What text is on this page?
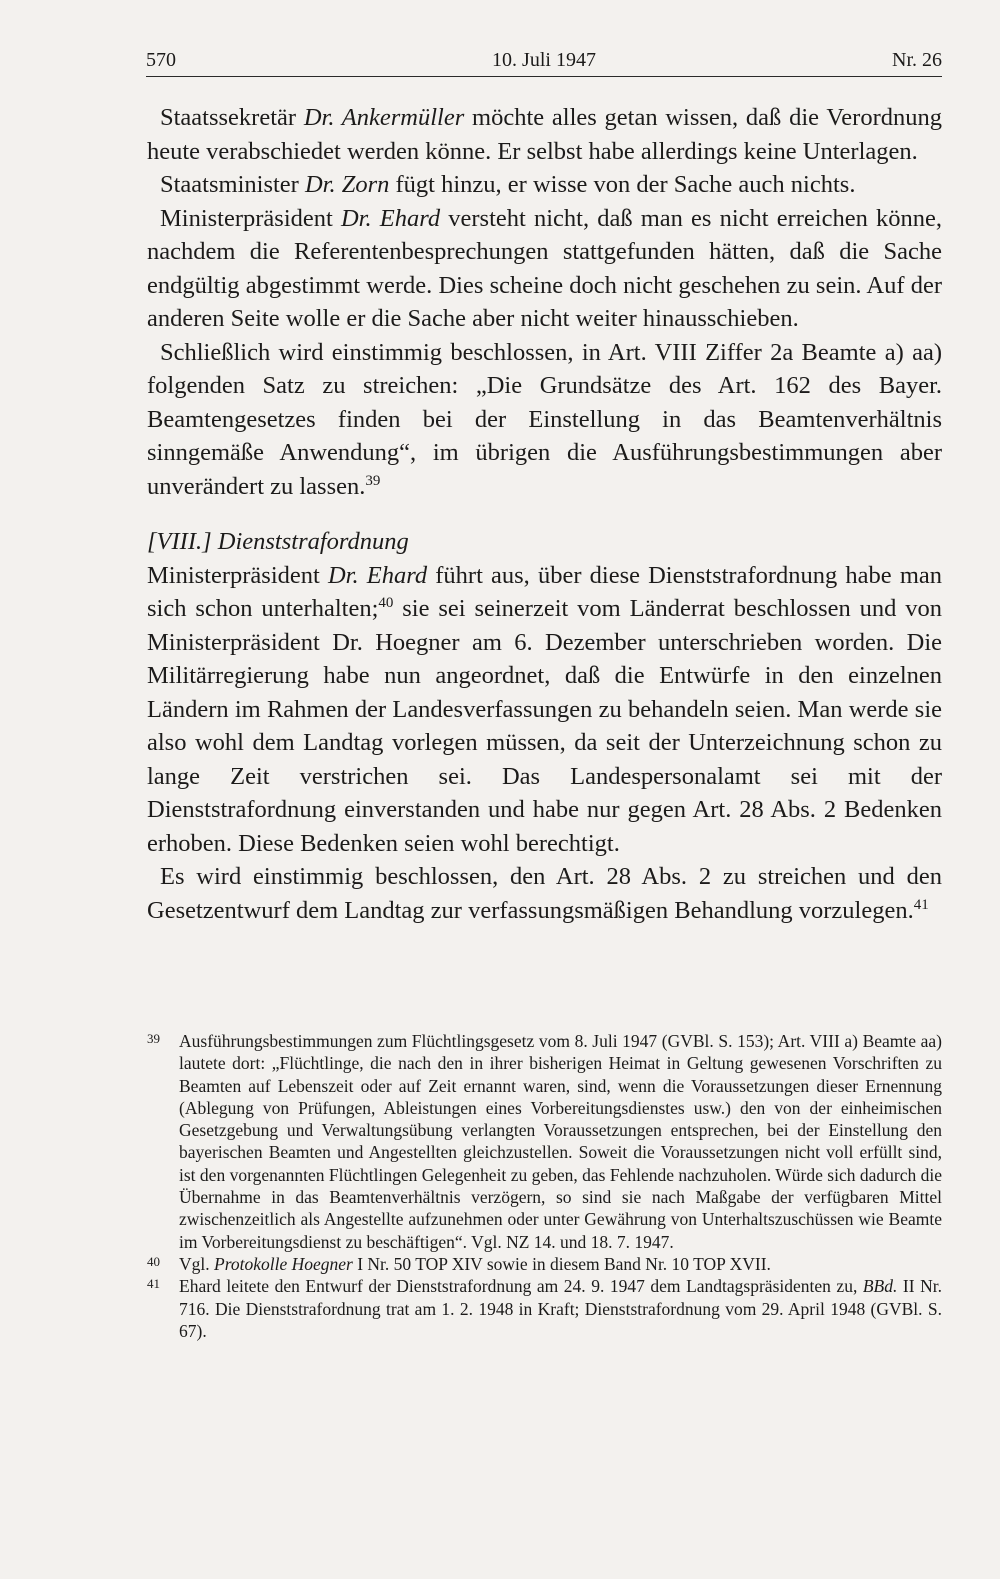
570	10. Juli 1947	Nr. 26

Staatssekretär Dr. Ankermüller möchte alles getan wissen, daß die Verordnung heute verabschiedet werden könne. Er selbst habe allerdings keine Unterlagen.

Staatsminister Dr. Zorn fügt hinzu, er wisse von der Sache auch nichts.

Ministerpräsident Dr. Ehard versteht nicht, daß man es nicht erreichen könne, nachdem die Referentenbesprechungen stattgefunden hätten, daß die Sache endgültig abgestimmt werde. Dies scheine doch nicht geschehen zu sein. Auf der anderen Seite wolle er die Sache aber nicht weiter hinausschieben.

Schließlich wird einstimmig beschlossen, in Art. VIII Ziffer 2a Beamte a) aa) folgenden Satz zu streichen: „Die Grundsätze des Art. 162 des Bayer. Beamtengesetzes finden bei der Einstellung in das Beamtenverhältnis sinngemäße Anwendung“, im übrigen die Ausführungsbestimmungen aber unverändert zu lassen.$^{39}$

[VIII.] Dienststrafordnung

Ministerpräsident Dr. Ehard führt aus, über diese Dienststrafordnung habe man sich schon unterhalten;$^{40}$ sie sei seinerzeit vom Länderrat beschlossen und von Ministerpräsident Dr. Hoegner am 6. Dezember unterschrieben worden. Die Militärregierung habe nun angeordnet, daß die Entwürfe in den einzelnen Ländern im Rahmen der Landesverfassungen zu behandeln seien. Man werde sie also wohl dem Landtag vorlegen müssen, da seit der Unterzeichnung schon zu lange Zeit verstrichen sei. Das Landespersonalamt sei mit der Dienststrafordnung einverstanden und habe nur gegen Art. 28 Abs. 2 Bedenken erhoben. Diese Bedenken seien wohl berechtigt.

Es wird einstimmig beschlossen, den Art. 28 Abs. 2 zu streichen und den Gesetzentwurf dem Landtag zur verfassungsmäßigen Behandlung vorzulegen.$^{41}$

39 Ausführungsbestimmungen zum Flüchtlingsgesetz vom 8. Juli 1947 (GVBl. S. 153); Art. VIII a) Beamte aa) lautete dort: „Flüchtlinge, die nach den in ihrer bisherigen Heimat in Geltung gewesenen Vorschriften zu Beamten auf Lebenszeit oder auf Zeit ernannt waren, sind, wenn die Voraussetzungen dieser Ernennung (Ablegung von Prüfungen, Ableistungen eines Vorbereitungsdienstes usw.) den von der einheimischen Gesetzgebung und Verwaltungsübung verlangten Voraussetzungen entsprechen, bei der Einstellung den bayerischen Beamten und Angestellten gleichzustellen. Soweit die Voraussetzungen nicht voll erfüllt sind, ist den vorgenannten Flüchtlingen Gelegenheit zu geben, das Fehlende nachzuholen. Würde sich dadurch die Übernahme in das Beamtenverhältnis verzögern, so sind sie nach Maßgabe der verfügbaren Mittel zwischenzeitlich als Angestellte aufzunehmen oder unter Gewährung von Unterhaltszuschüssen wie Beamte im Vorbereitungsdienst zu beschäftigen“. Vgl. NZ 14. und 18. 7. 1947.

40 Vgl. Protokolle Hoegner I Nr. 50 TOP XIV sowie in diesem Band Nr. 10 TOP XVII.

41 Ehard leitete den Entwurf der Dienststrafordnung am 24. 9. 1947 dem Landtagspräsidenten zu, BBd. II Nr. 716. Die Dienststrafordnung trat am 1. 2. 1948 in Kraft; Dienststrafordnung vom 29. April 1948 (GVBl. S. 67).
